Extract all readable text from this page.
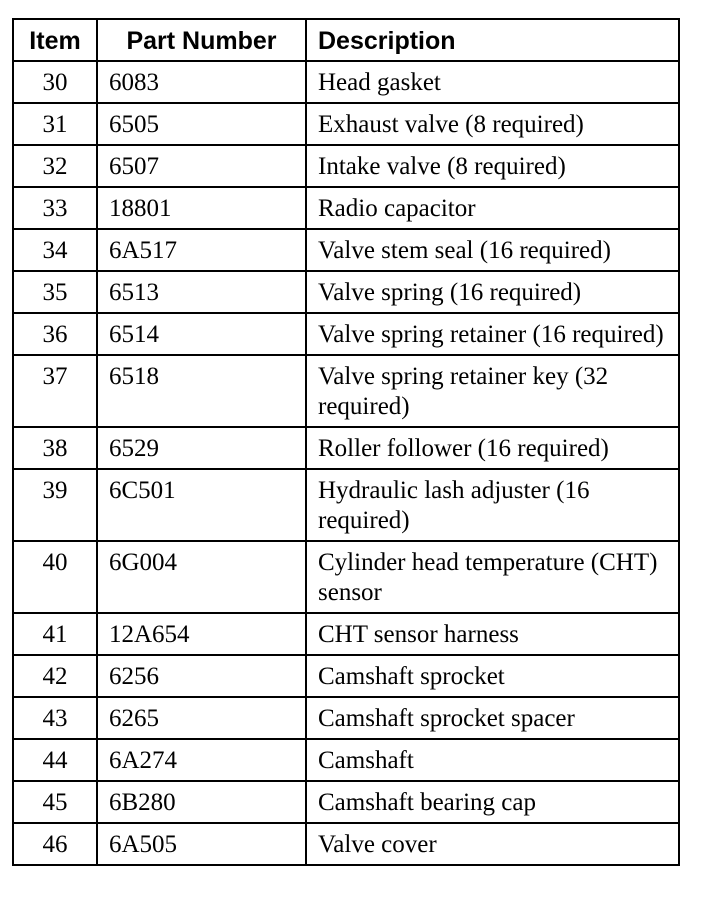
Item	Part Number	Description
30	6083	Head gasket
31	6505	Exhaust valve (8 required)
32	6507	Intake valve (8 required)
33	18801	Radio capacitor
34	6A517	Valve stem seal (16 required)
35	6513	Valve spring (16 required)
36	6514	Valve spring retainer (16 required)
37	6518	Valve spring retainer key (32 required)
38	6529	Roller follower (16 required)
39	6C501	Hydraulic lash adjuster (16 required)
40	6G004	Cylinder head temperature (CHT) sensor
41	12A654	CHT sensor harness
42	6256	Camshaft sprocket
43	6265	Camshaft sprocket spacer
44	6A274	Camshaft
45	6B280	Camshaft bearing cap
46	6A505	Valve cover
